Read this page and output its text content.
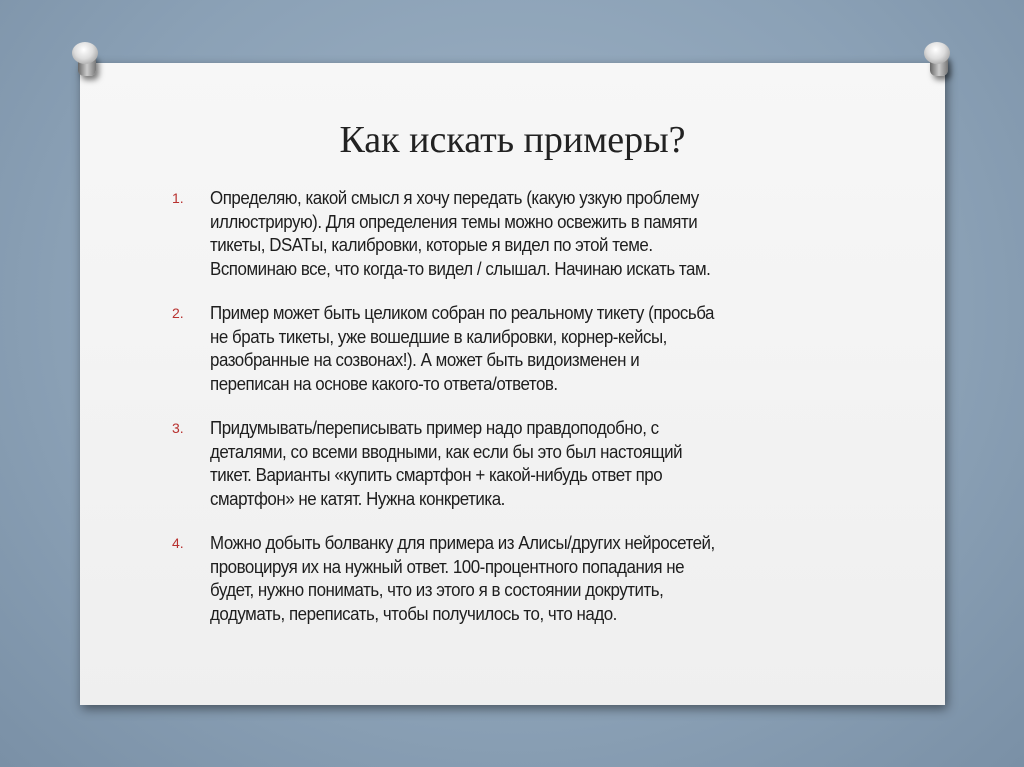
Как искать примеры?
1.	Определяю, какой смысл я хочу передать (какую узкую проблему
иллюстрирую). Для определения темы можно освежить в памяти
тикеты, DSATы, калибровки, которые я видел по этой теме.
Вспоминаю все, что когда-то видел / слышал. Начинаю искать там.
2.	Пример может быть целиком собран по реальному тикету (просьба
не брать тикеты, уже вошедшие в калибровки, корнер-кейсы,
разобранные на созвонах!). А может быть видоизменен и
переписан на основе какого-то ответа/ответов.
3.	Придумывать/переписывать пример надо правдоподобно, с
деталями, со всеми вводными, как если бы это был настоящий
тикет. Варианты «купить смартфон + какой-нибудь ответ про
смартфон» не катят. Нужна конкретика.
4.	Можно добыть болванку для примера из Алисы/других нейросетей,
провоцируя их на нужный ответ. 100-процентного попадания не
будет, нужно понимать, что из этого я в состоянии докрутить,
додумать, переписать, чтобы получилось то, что надо.
